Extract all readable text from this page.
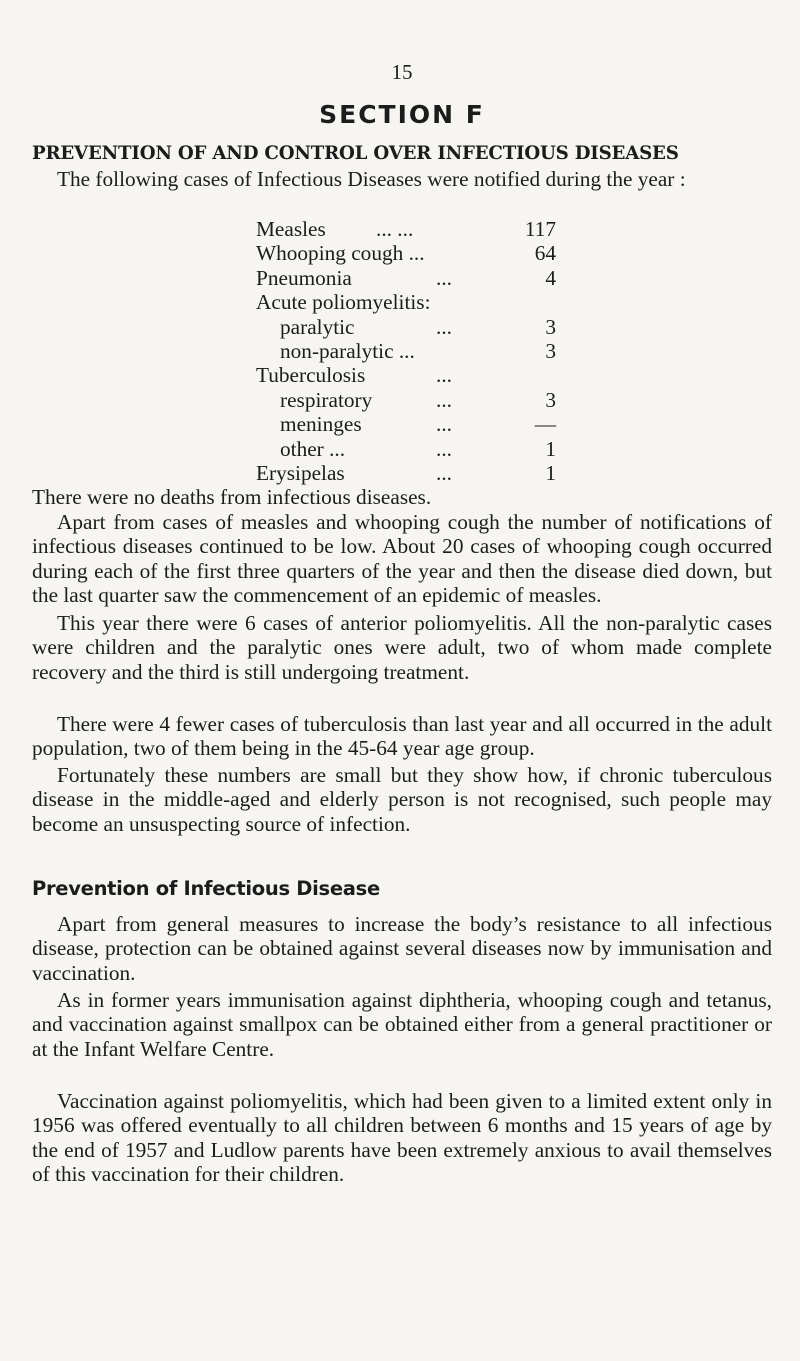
15
SECTION F
PREVENTION OF AND CONTROL OVER INFECTIOUS DISEASES

The following cases of Infectious Diseases were notified during the year :

Measles ... ...	117
Whooping cough ...	64
Pneumonia	...	4
Acute poliomyelitis:
paralytic	...	3
non-paralytic ...	3
Tuberculosis	...
respiratory	...	3
meninges	...	—
other ...	...	1
Erysipelas	...	1

There were no deaths from infectious diseases.

Apart from cases of measles and whooping cough the number of notifications of infectious diseases continued to be low. About 20 cases of whooping cough occurred during each of the first three quarters of the year and then the disease died down, but the last quarter saw the commencement of an epidemic of measles.

This year there were 6 cases of anterior poliomyelitis. All the non-paralytic cases were children and the paralytic ones were adult, two of whom made complete recovery and the third is still undergoing treatment.

There were 4 fewer cases of tuberculosis than last year and all occurred in the adult population, two of them being in the 45-64 year age group.

Fortunately these numbers are small but they show how, if chronic tuberculous disease in the middle-aged and elderly person is not recognised, such people may become an unsuspecting source of infection.

Prevention of Infectious Disease

Apart from general measures to increase the body’s resistance to all infectious disease, protection can be obtained against several diseases now by immunisation and vaccination.

As in former years immunisation against diphtheria, whooping cough and tetanus, and vaccination against smallpox can be obtained either from a general practitioner or at the Infant Welfare Centre.

Vaccination against poliomyelitis, which had been given to a limited extent only in 1956 was offered eventually to all children between 6 months and 15 years of age by the end of 1957 and Ludlow parents have been extremely anxious to avail themselves of this vaccination for their children.
